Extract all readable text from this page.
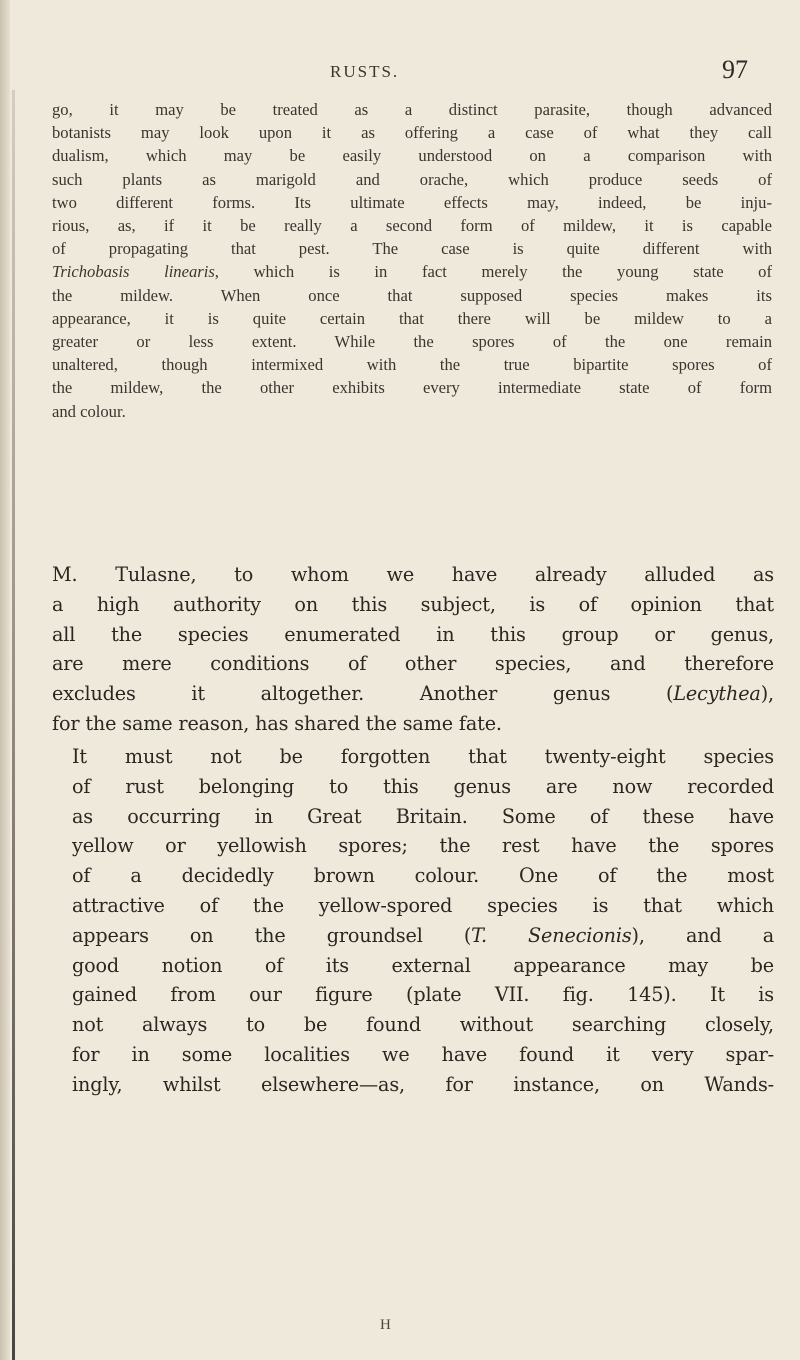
RUSTS.	97
go, it may be treated as a distinct parasite, though advanced
botanists may look upon it as offering a case of what they call
dualism, which may be easily understood on a comparison with
such plants as marigold and orache, which produce seeds of
two different forms. Its ultimate effects may, indeed, be inju-
rious, as, if it be really a second form of mildew, it is capable
of propagating that pest. The case is quite different with
Trichobasis linearis, which is in fact merely the young state of
the mildew. When once that supposed species makes its
appearance, it is quite certain that there will be mildew to a
greater or less extent. While the spores of the one remain
unaltered, though intermixed with the true bipartite spores of
the mildew, the other exhibits every intermediate state of form
and colour.
M. Tulasne, to whom we have already alluded as
a high authority on this subject, is of opinion that
all the species enumerated in this group or genus,
are mere conditions of other species, and therefore
excludes it altogether. Another genus (Lecythea),
for the same reason, has shared the same fate.
It must not be forgotten that twenty-eight species
of rust belonging to this genus are now recorded
as occurring in Great Britain. Some of these have
yellow or yellowish spores; the rest have the spores
of a decidedly brown colour. One of the most
attractive of the yellow-spored species is that which
appears on the groundsel (T. Senecionis), and a
good notion of its external appearance may be
gained from our figure (plate VII. fig. 145). It is
not always to be found without searching closely,
for in some localities we have found it very spar-
ingly, whilst elsewhere—as, for instance, on Wands-
H
